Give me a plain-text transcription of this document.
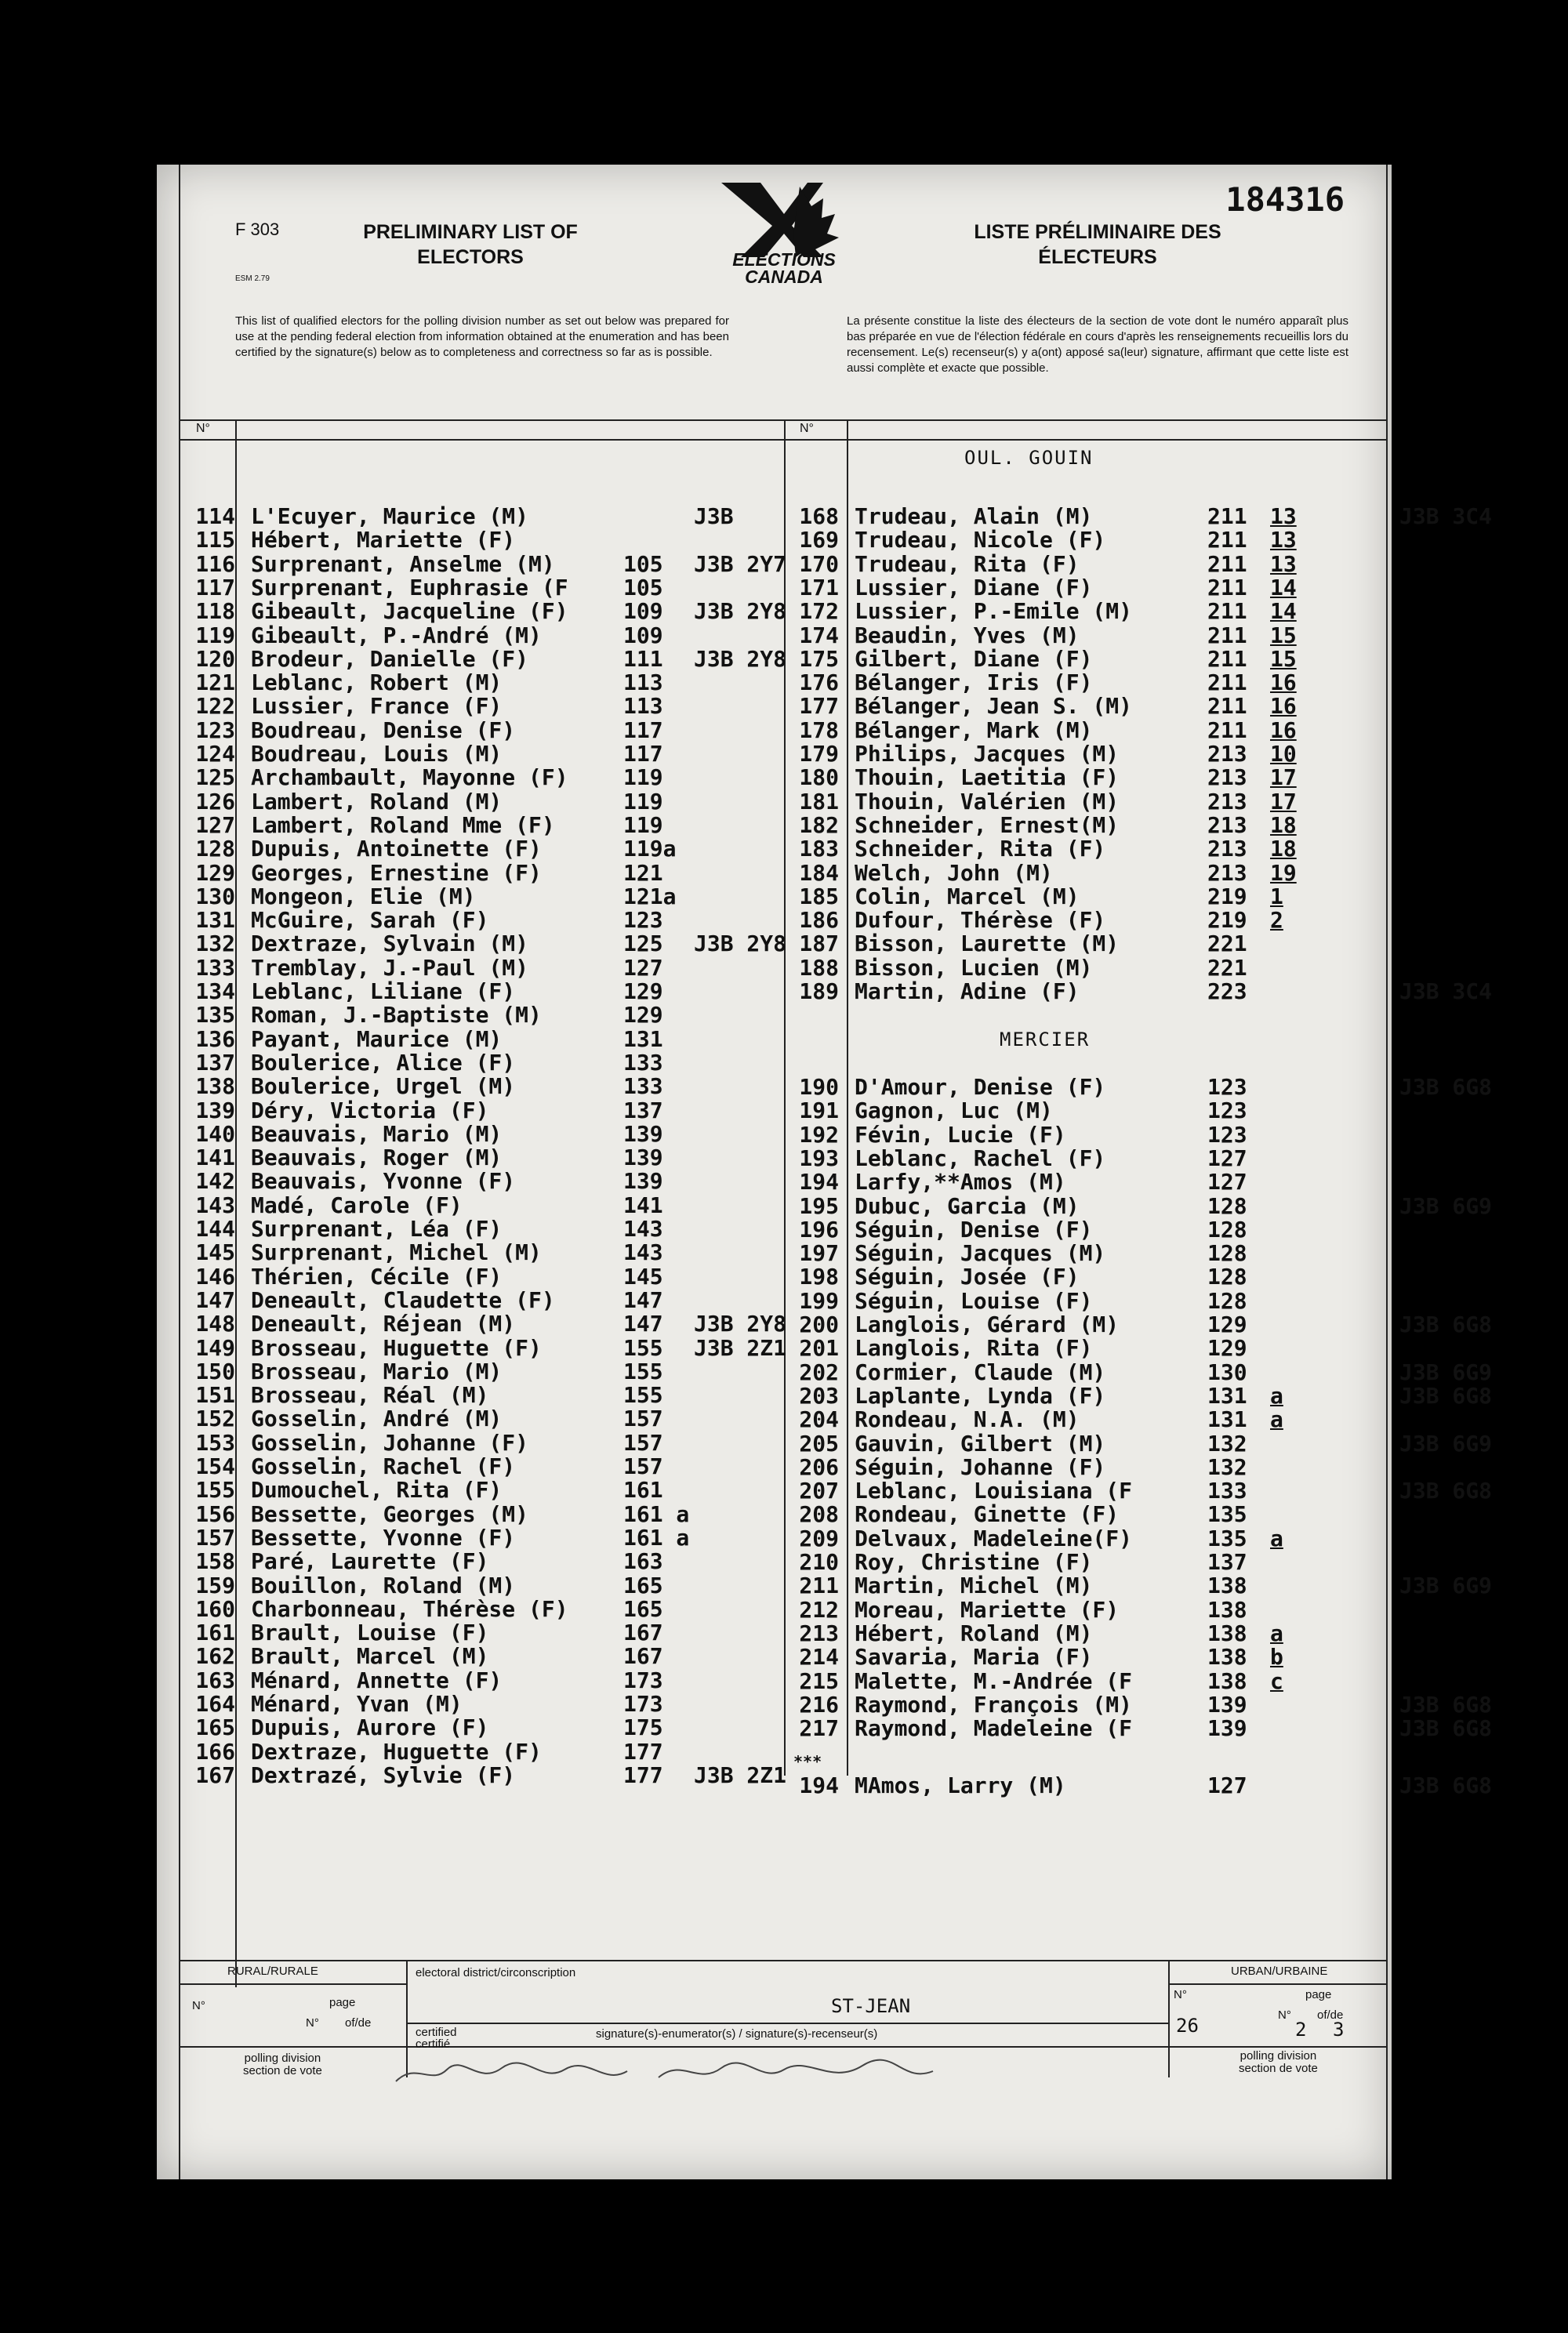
184316
F 303
ESM 2.79
PRELIMINARY LIST OF ELECTORS
LISTE PRÉLIMINAIRE DES ÉLECTEURS
ELECTIONS CANADA
This list of qualified electors for the polling division number as set out below was prepared for use at the pending federal election from information obtained at the enumeration and has been certified by the signature(s) below as to completeness and correctness so far as is possible.
La présente constitue la liste des électeurs de la section de vote dont le numéro apparaît plus bas préparée en vue de l'élection fédérale en cours d'après les renseignements recueillis lors du recensement. Le(s) recenseur(s) y a(ont) apposé sa(leur) signature, affirmant que cette liste est aussi complète et exacte que possible.
N°	N°
OUL. GOUIN
114 L'Ecuyer, Maurice (M)	J3B
115 Hébert, Mariette (F)
116 Surprenant, Anselme (M)	105 J3B 2Y7
117 Surprenant, Euphrasie (F	105
118 Gibeault, Jacqueline (F)	109 J3B 2Y8
119 Gibeault, P.-André (M)	109
120 Brodeur, Danielle (F)	111 J3B 2Y8
121 Leblanc, Robert (M)	113
122 Lussier, France (F)	113
123 Boudreau, Denise (F)	117
124 Boudreau, Louis (M)	117
125 Archambault, Mayonne (F)	119
126 Lambert, Roland (M)	119
127 Lambert, Roland Mme (F)	119
128 Dupuis, Antoinette (F)	119a
129 Georges, Ernestine (F)	121
130 Mongeon, Elie (M)	121a
131 McGuire, Sarah (F)	123
132 Dextraze, Sylvain (M)	125 J3B 2Y8
133 Tremblay, J.-Paul (M)	127
134 Leblanc, Liliane (F)	129
135 Roman, J.-Baptiste (M)	129
136 Payant, Maurice (M)	131
137 Boulerice, Alice (F)	133
138 Boulerice, Urgel (M)	133
139 Déry, Victoria (F)	137
140 Beauvais, Mario (M)	139
141 Beauvais, Roger (M)	139
142 Beauvais, Yvonne (F)	139
143 Madé, Carole (F)	141
144 Surprenant, Léa (F)	143
145 Surprenant, Michel (M)	143
146 Thérien, Cécile (F)	145
147 Deneault, Claudette (F)	147
148 Deneault, Réjean (M)	147 J3B 2Y8
149 Brosseau, Huguette (F)	155 J3B 2Z1
150 Brosseau, Mario (M)	155
151 Brosseau, Réal (M)	155
152 Gosselin, André (M)	157
153 Gosselin, Johanne (F)	157
154 Gosselin, Rachel (F)	157
155 Dumouchel, Rita (F)	161
156 Bessette, Georges (M)	161 a
157 Bessette, Yvonne (F)	161 a
158 Paré, Laurette (F)	163
159 Bouillon, Roland (M)	165
160 Charbonneau, Thérèse (F)	165
161 Brault, Louise (F)	167
162 Brault, Marcel (M)	167
163 Ménard, Annette (F)	173
164 Ménard, Yvan (M)	173
165 Dupuis, Aurore (F)	175
166 Dextraze, Huguette (F)	177
167 Dextrazé, Sylvie (F)	177 J3B 2Z1
168 Trudeau, Alain (M)	211 13	J3B 3C4
169 Trudeau, Nicole (F)	211 13
170 Trudeau, Rita (F)	211 13
171 Lussier, Diane (F)	211 14
172 Lussier, P.-Emile (M)	211 14
174 Beaudin, Yves (M)	211 15
175 Gilbert, Diane (F)	211 15
176 Bélanger, Iris (F)	211 16
177 Bélanger, Jean S. (M)	211 16
178 Bélanger, Mark (M)	211 16
179 Philips, Jacques (M)	213 10
180 Thouin, Laetitia (F)	213 17
181 Thouin, Valérien (M)	213 17
182 Schneider, Ernest(M)	213 18
183 Schneider, Rita (F)	213 18
184 Welch, John (M)	213 19
185 Colin, Marcel (M)	219 1
186 Dufour, Thérèse (F)	219 2
187 Bisson, Laurette (M)	221
188 Bisson, Lucien (M)	221
189 Martin, Adine (F)	223	J3B 3C4
MERCIER
190 D'Amour, Denise (F)	123	J3B 6G8
191 Gagnon, Luc (M)	123
192 Févin, Lucie (F)	123
193 Leblanc, Rachel (F)	127
194 Larfy,**Amos (M)	127
195 Dubuc, Garcia (M)	128	J3B 6G9
196 Séguin, Denise (F)	128
197 Séguin, Jacques (M)	128
198 Séguin, Josée (F)	128
199 Séguin, Louise (F)	128
200 Langlois, Gérard (M)	129	J3B 6G8
201 Langlois, Rita (F)	129
202 Cormier, Claude (M)	130	J3B 6G9
203 Laplante, Lynda (F)	131 a	J3B 6G8
204 Rondeau, N.A. (M)	131 a
205 Gauvin, Gilbert (M)	132	J3B 6G9
206 Séguin, Johanne (F)	132
207 Leblanc, Louisiana (F	133	J3B 6G8
208 Rondeau, Ginette (F)	135
209 Delvaux, Madeleine(F)	135 a
210 Roy, Christine (F)	137
211 Martin, Michel (M)	138	J3B 6G9
212 Moreau, Mariette (F)	138
213 Hébert, Roland (M)	138 a
214 Savaria, Maria (F)	138 b
215 Malette, M.-Andrée (F	138 c
216 Raymond, François (M)	139	J3B 6G8
217 Raymond, Madeleine (F	139	J3B 6G8
***
194 MAmos, Larry (M)	127	J3B 6G8
RURAL/RURALE	URBAN/URBAINE
N°	page
N° of/de
electoral district/circonscription
ST-JEAN
certified
certifié
signature(s)-enumerator(s) / signature(s)-recenseur(s)
polling division
section de vote
polling division
section de vote
N°	page
N° of/de
26	2 3
